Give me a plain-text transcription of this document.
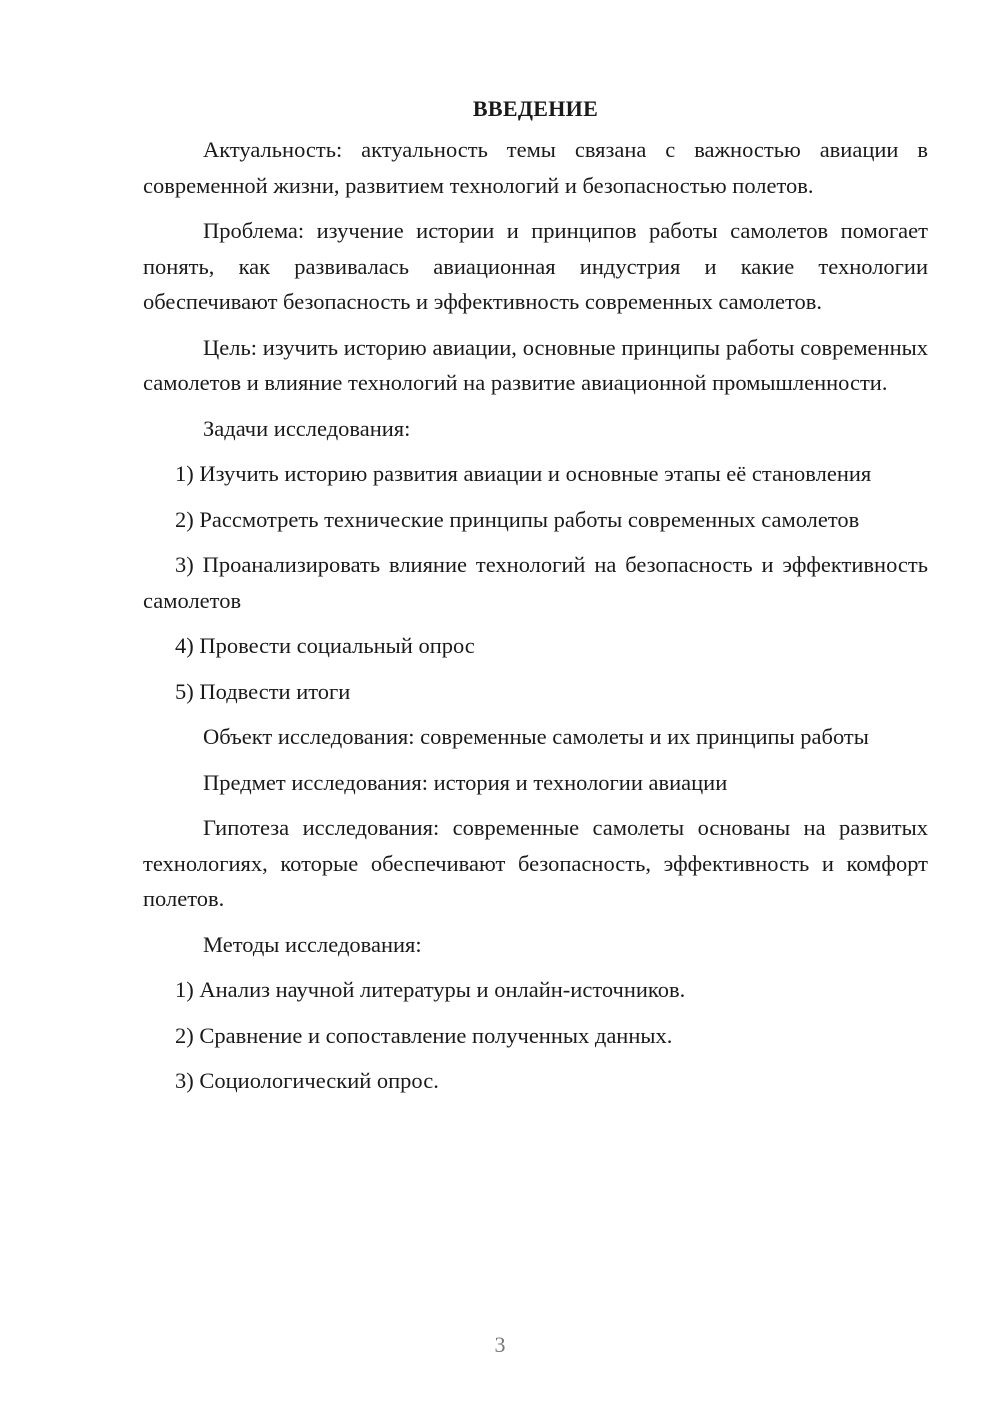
ВВЕДЕНИЕ

Актуальность: актуальность темы связана с важностью авиации в современной жизни, развитием технологий и безопасностью полетов.

Проблема: изучение истории и принципов работы самолетов помогает понять, как развивалась авиационная индустрия и какие технологии обеспечивают безопасность и эффективность современных самолетов.

Цель: изучить историю авиации, основные принципы работы современных самолетов и влияние технологий на развитие авиационной промышленности.

Задачи исследования:

1) Изучить историю развития авиации и основные этапы её становления

2) Рассмотреть технические принципы работы современных самолетов

3) Проанализировать влияние технологий на безопасность и эффективность самолетов

4) Провести социальный опрос

5) Подвести итоги

Объект исследования: современные самолеты и их принципы работы

Предмет исследования: история и технологии авиации

Гипотеза исследования: современные самолеты основаны на развитых технологиях, которые обеспечивают безопасность, эффективность и комфорт полетов.

Методы исследования:

1) Анализ научной литературы и онлайн-источников.

2) Сравнение и сопоставление полученных данных.

3) Социологический опрос.

3
